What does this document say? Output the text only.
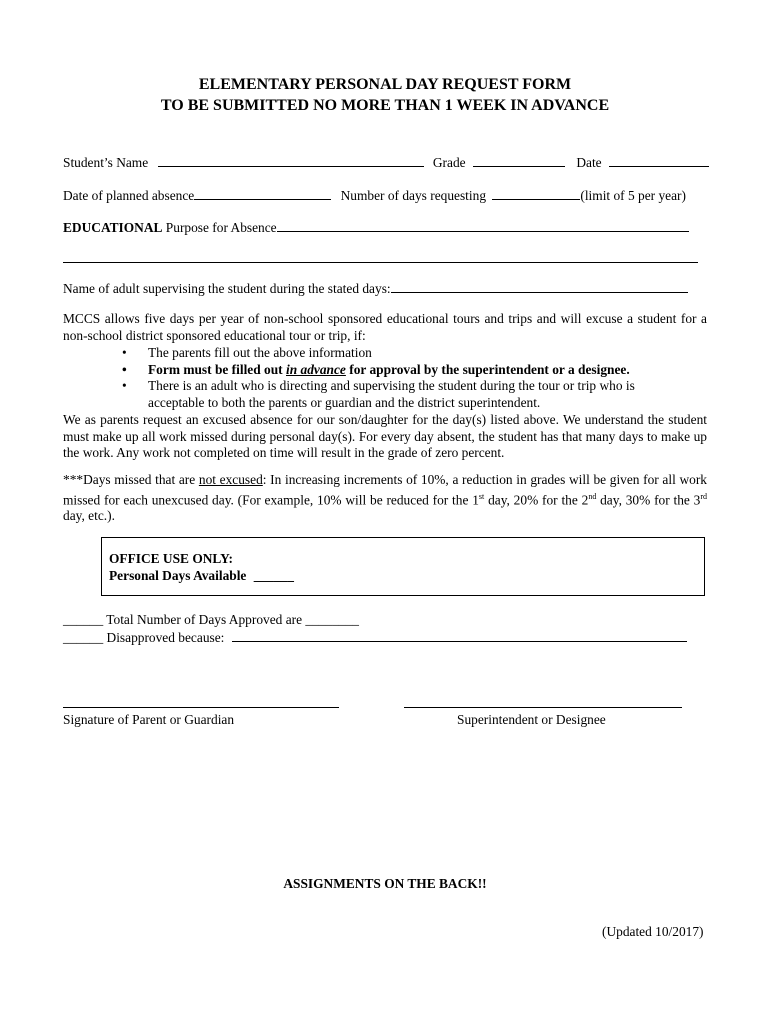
ELEMENTARY PERSONAL DAY REQUEST FORM
TO BE SUBMITTED NO MORE THAN 1 WEEK IN ADVANCE
Student’s Name	Grade	Date
Date of planned absence	Number of days requesting	(limit of 5 per year)
EDUCATIONAL Purpose for Absence
Name of adult supervising the student during the stated days:
MCCS allows five days per year of non-school sponsored educational tours and trips and will excuse a student for a non-school district sponsored educational tour or trip, if:
• The parents fill out the above information
• Form must be filled out in advance for approval by the superintendent or a designee.
• There is an adult who is directing and supervising the student during the tour or trip who is acceptable to both the parents or guardian and the district superintendent.
We as parents request an excused absence for our son/daughter for the day(s) listed above. We understand the student must make up all work missed during personal day(s). For every day absent, the student has that many days to make up the work. Any work not completed on time will result in the grade of zero percent.
***Days missed that are not excused: In increasing increments of 10%, a reduction in grades will be given for all work missed for each unexcused day. (For example, 10% will be reduced for the 1st day, 20% for the 2nd day, 30% for the 3rd day, etc.).
OFFICE USE ONLY:
Personal Days Available ______
______ Total Number of Days Approved are ________
______ Disapproved because:
Signature of Parent or Guardian	Superintendent or Designee
ASSIGNMENTS ON THE BACK!!
(Updated 10/2017)
